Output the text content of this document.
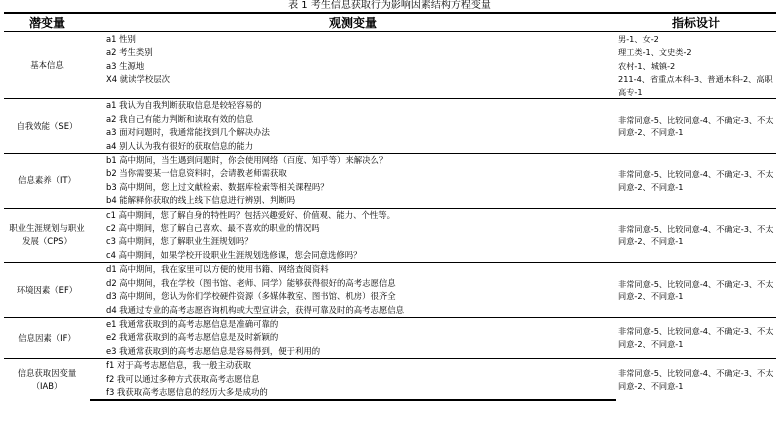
表 1 考生信息获取行为影响因素结构方程变量
潜变量	观测变量	指标设计
基本信息	a1 性别	男-1、女-2
	a2 考生类别	理工类-1、文史类-2
	a3 生源地	农村-1、城镇-2
	X4 就读学校层次	211-4、省重点本科-3、普通本科-2、高职高专-1
自我效能（SE）	a1 我认为自我判断获取信息是较轻容易的	非常同意-5、比较同意-4、不确定-3、不太同意-2、不同意-1
	a2 我自己有能力判断和读取有效的信息	
	a3 面对问题时，我通常能找到几个解决办法	
	a4 别人认为我有很好的获取信息的能力	
信息素养（IT）	b1 高中期间，当生遇到问题时，你会使用网络（百度、知乎等）来解决么？	非常同意-5、比较同意-4、不确定-3、不太同意-2、不同意-1
	b2 当你需要某一信息资料时，会请教老师需获取	
	b3 高中期间，您上过文献检索、数据库检索等相关课程吗？	
	b4 能解释你获取的线上线下信息进行辨别、判断吗	
职业生涯规划与职业发展（CPS）	c1 高中期间，您了解自身的特性吗？包括兴趣爱好、价值观、能力、个性等。	非常同意-5、比较同意-4、不确定-3、不太同意-2、不同意-1
	c2 高中期间，您了解自己喜欢、最不喜欢的职业的情况吗	
	c3 高中期间，您了解职业生涯规划吗？	
	c4 高中期间，如果学校开设职业生涯规划选修课，您会同意选修吗？	
环境因素（EF）	d1 高中期间，我在家里可以方便的使用书籍、网络查阅资料	非常同意-5、比较同意-4、不确定-3、不太同意-2、不同意-1
	d2 高中期间，我在学校（图书馆、老师、同学）能够获得很好的高考志愿信息	
	d3 高中期间，您认为你们学校硬件资源（多媒体教室、图书馆、机房）很齐全	
	d4 我通过专业的高考志愿咨询机构或大型宣讲会，获得可靠及时的高考志愿信息	
信息因素（IF）	e1 我通常获取到的高考志愿信息是准确可靠的	非常同意-5、比较同意-4、不确定-3、不太同意-2、不同意-1
	e2 我通常获取到的高考志愿信息是及时新颖的	
	e3 我通常获取到的高考志愿信息是容易得到，便于利用的	
信息获取因变量（IAB）	f1 对于高考志愿信息，我一般主动获取	非常同意-5、比较同意-4、不确定-3、不太同意-2、不同意-1
	f2 我可以通过多种方式获取高考志愿信息	
	f3 我获取高考志愿信息的经历大多是成功的	
